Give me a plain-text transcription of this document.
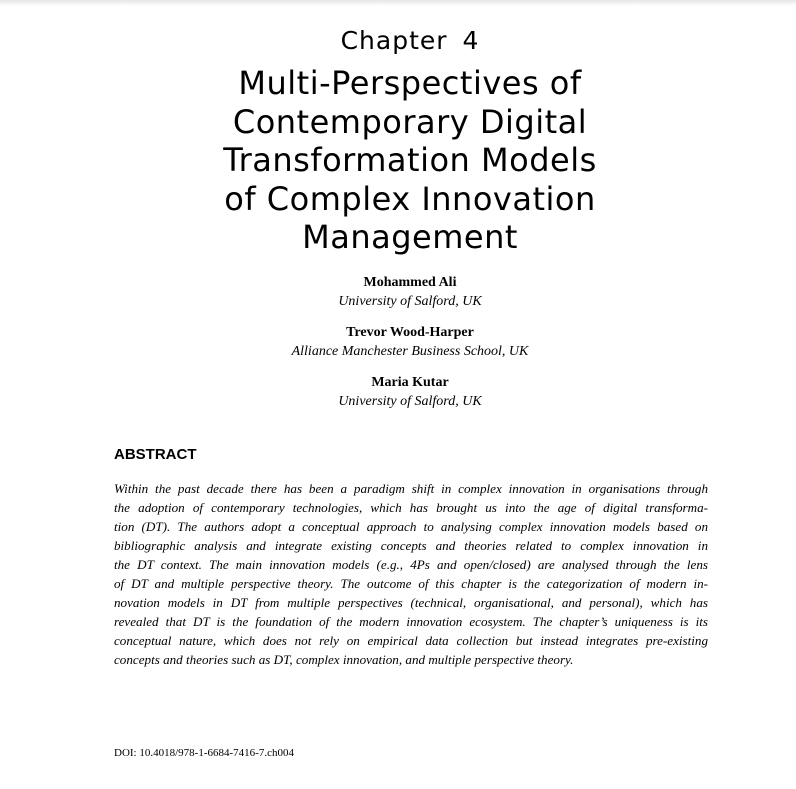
Chapter 4
Multi-Perspectives of
Contemporary Digital
Transformation Models
of Complex Innovation
Management
Mohammed Ali
University of Salford, UK
Trevor Wood-Harper
Alliance Manchester Business School, UK
Maria Kutar
University of Salford, UK
ABSTRACT
Within the past decade there has been a paradigm shift in complex innovation in organisations through
the adoption of contemporary technologies, which has brought us into the age of digital transforma-
tion (DT). The authors adopt a conceptual approach to analysing complex innovation models based on
bibliographic analysis and integrate existing concepts and theories related to complex innovation in
the DT context. The main innovation models (e.g., 4Ps and open/closed) are analysed through the lens
of DT and multiple perspective theory. The outcome of this chapter is the categorization of modern in-
novation models in DT from multiple perspectives (technical, organisational, and personal), which has
revealed that DT is the foundation of the modern innovation ecosystem. The chapter’s uniqueness is its
conceptual nature, which does not rely on empirical data collection but instead integrates pre-existing
concepts and theories such as DT, complex innovation, and multiple perspective theory.
DOI: 10.4018/978-1-6684-7416-7.ch004
